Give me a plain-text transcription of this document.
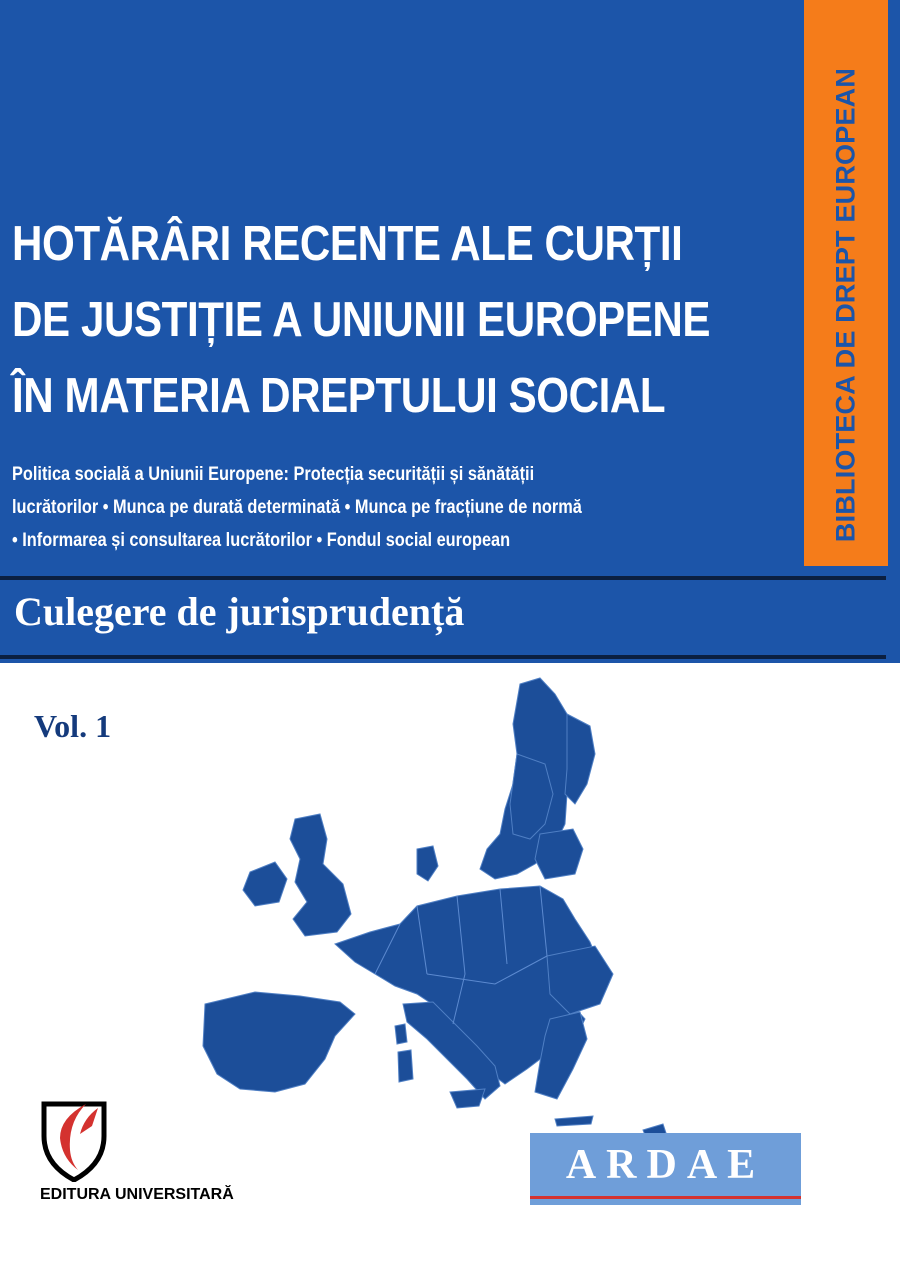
BIBLIOTECA DE DREPT EUROPEAN
HOTĂRÂRI RECENTE ALE CURȚII
DE JUSTIȚIE A UNIUNII EUROPENE
ÎN MATERIA DREPTULUI SOCIAL
Politica socială a Uniunii Europene: Protecția securității și sănătății
lucrătorilor • Munca pe durată determinată • Munca pe fracțiune de normă
• Informarea și consultarea lucrătorilor • Fondul social european
Culegere de jurisprudență
Vol. 1
EDITURA UNIVERSITARĂ
ARDAE
